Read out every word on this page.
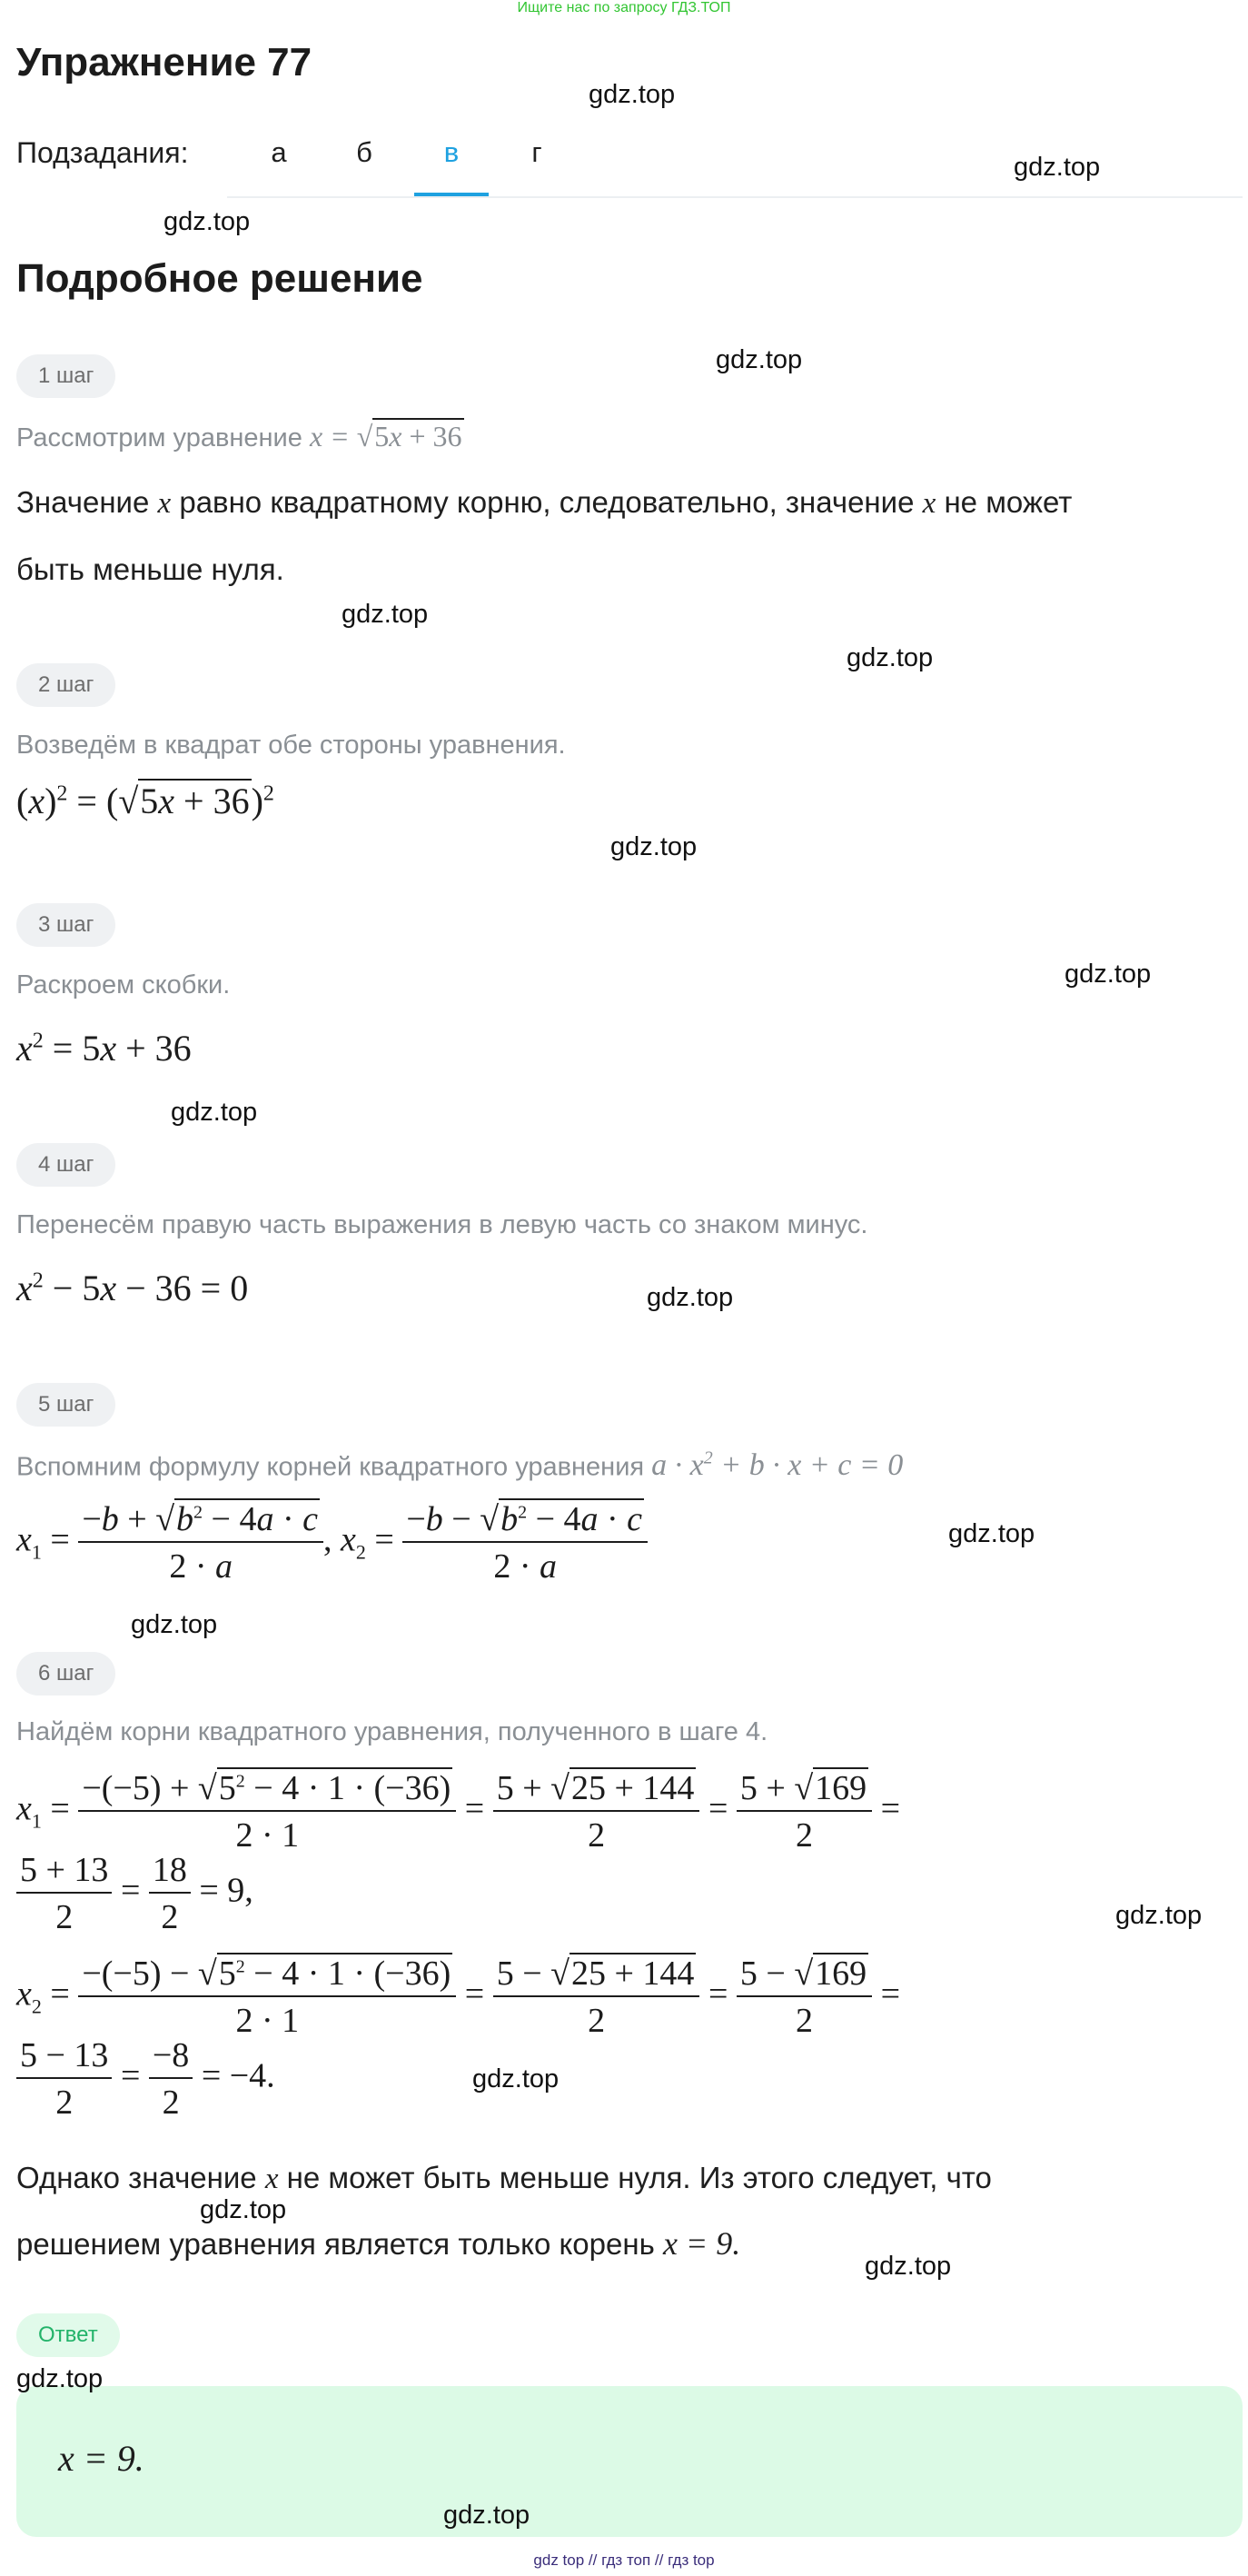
Ищите нас по запросу ГДЗ.ТОП
Упражнение 77
Подзадания:	а	б	в	г
Подробное решение
1 шаг
Рассмотрим уравнение x = √5x + 36
Значение x равно квадратному корню, следовательно, значение x не может
быть меньше нуля.
2 шаг
Возведём в квадрат обе стороны уравнения.
$(x)^2 = (√5x + 36)^2$
3 шаг
Раскроем скобки.
$x^2 = 5x + 36$
4 шаг
Перенесём правую часть выражения в левую часть со знаком минус.
$x^2 - 5x - 36 = 0$
5 шаг
Вспомним формулу корней квадратного уравнения $a \cdot x^2 + b \cdot x + c = 0$
$x_1 = \frac{-b + √b^2 - 4a \cdot c}{2 \cdot a}$ , $x_2 = \frac{-b - √b^2 - 4a \cdot c}{2 \cdot a}$
6 шаг
Найдём корни квадратного уравнения, полученного в шаге 4.
$x_1 = \frac{-(-5) + √5^2 - 4 \cdot 1 \cdot (-36)}{2 \cdot 1} = \frac{5 + √25 + 144}{2} = \frac{5 + √169}{2}$ =
$\frac{5 + 13}{2} = \frac{18}{2} = 9$,
$x_2 = \frac{-(-5) - √5^2 - 4 \cdot 1 \cdot (-36)}{2 \cdot 1} = \frac{5 - √25 + 144}{2} = \frac{5 - √169}{2}$ =
$\frac{5 - 13}{2} = \frac{-8}{2} = -4$.
Однако значение x не может быть меньше нуля. Из этого следует, что
решением уравнения является только корень x = 9.
Ответ
x = 9.
gdz.top
gdz.top
gdz.top
gdz.top
gdz.top
gdz.top
gdz.top
gdz.top
gdz.top
gdz.top
gdz.top
gdz.top
gdz.top
gdz.top
gdz.top
gdz.top
gdz.top
gdz.top
gdz top // гдз топ // гдз top
